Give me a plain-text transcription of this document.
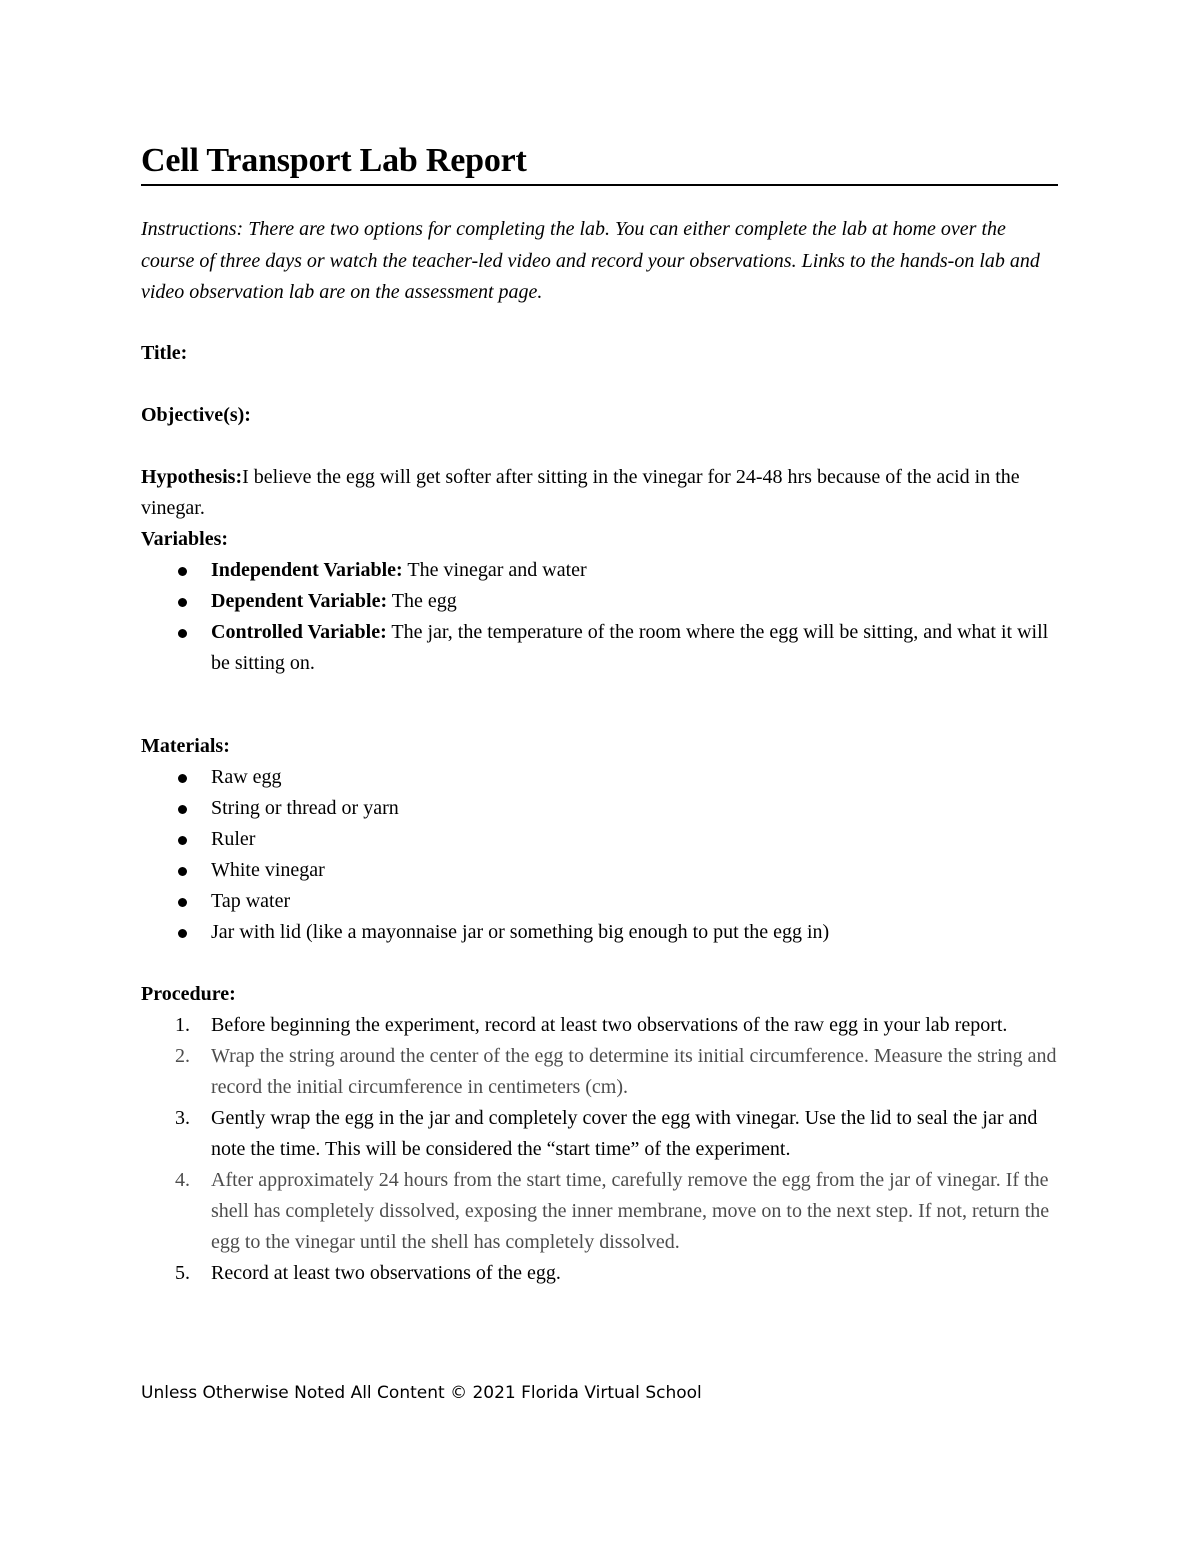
Cell Transport Lab Report

Instructions: There are two options for completing the lab. You can either complete the lab at home over the course of three days or watch the teacher-led video and record your observations. Links to the hands-on lab and video observation lab are on the assessment page.

Title:

Objective(s):

Hypothesis:I believe the egg will get softer after sitting in the vinegar for 24-48 hrs because of the acid in the vinegar.

Variables:

Independent Variable: The vinegar and water
Dependent Variable: The egg
Controlled Variable: The jar, the temperature of the room where the egg will be sitting, and what it will be sitting on.

Materials:

Raw egg
String or thread or yarn
Ruler
White vinegar
Tap water
Jar with lid (like a mayonnaise jar or something big enough to put the egg in)

Procedure:

1.	Before beginning the experiment, record at least two observations of the raw egg in your lab report.
2.	Wrap the string around the center of the egg to determine its initial circumference. Measure the string and record the initial circumference in centimeters (cm).
3.	Gently wrap the egg in the jar and completely cover the egg with vinegar. Use the lid to seal the jar and note the time. This will be considered the “start time” of the experiment.
4.	After approximately 24 hours from the start time, carefully remove the egg from the jar of vinegar. If the shell has completely dissolved, exposing the inner membrane, move on to the next step. If not, return the egg to the vinegar until the shell has completely dissolved.
5.	Record at least two observations of the egg.
Unless Otherwise Noted All Content © 2021 Florida Virtual School
